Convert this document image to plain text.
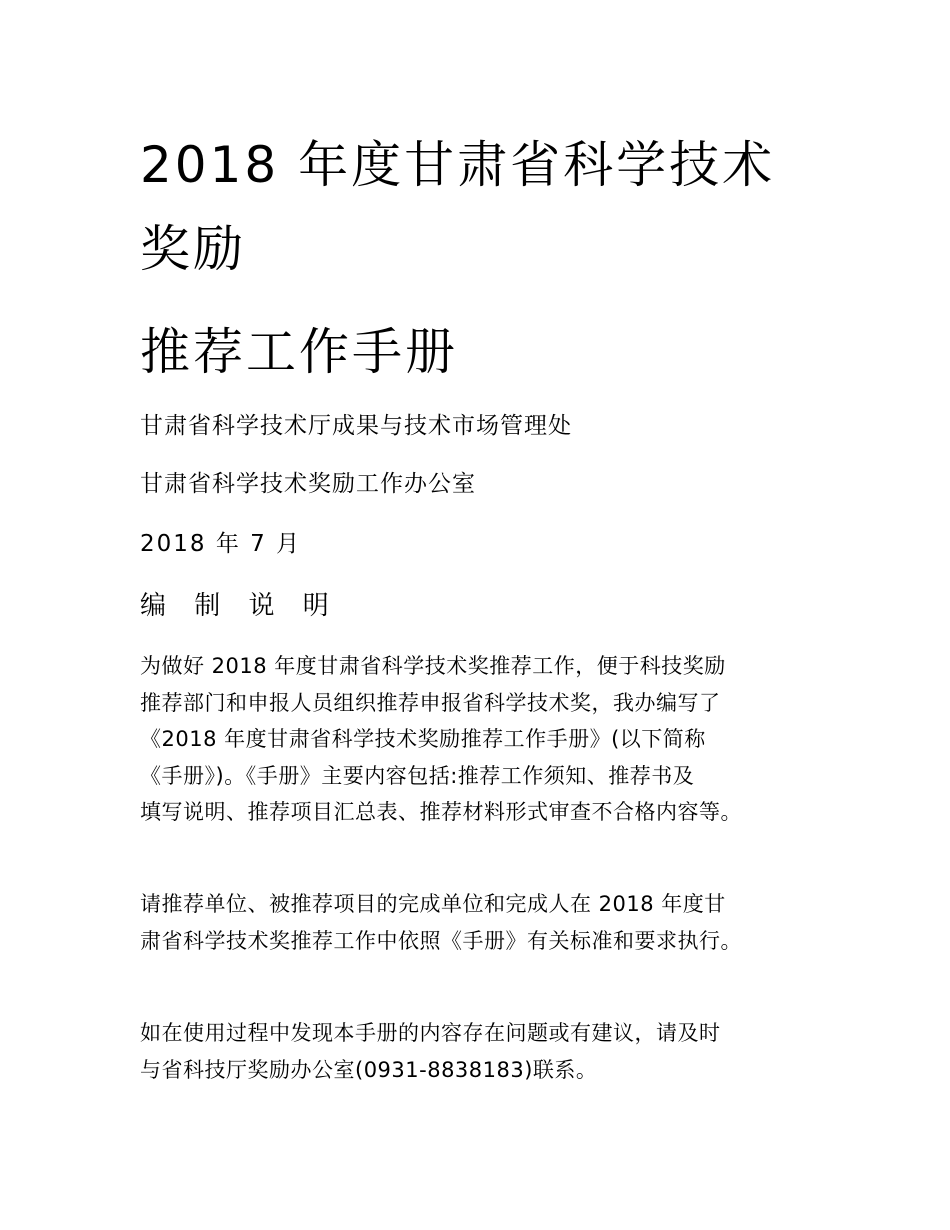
2018 年度甘肃省科学技术
奖励
推荐工作手册
甘肃省科学技术厅成果与技术市场管理处
甘肃省科学技术奖励工作办公室
2018 年 7 月
编 制 说 明
为做好 2018 年度甘肃省科学技术奖推荐工作，便于科技奖励
推荐部门和申报人员组织推荐申报省科学技术奖，我办编写了
《2018 年度甘肃省科学技术奖励推荐工作手册》(以下简称
《手册》)。《手册》主要内容包括:推荐工作须知、推荐书及
填写说明、推荐项目汇总表、推荐材料形式审查不合格内容等。
请推荐单位、被推荐项目的完成单位和完成人在 2018 年度甘
肃省科学技术奖推荐工作中依照《手册》有关标准和要求执行。
如在使用过程中发现本手册的内容存在问题或有建议，请及时
与省科技厅奖励办公室(0931-8838183)联系。
